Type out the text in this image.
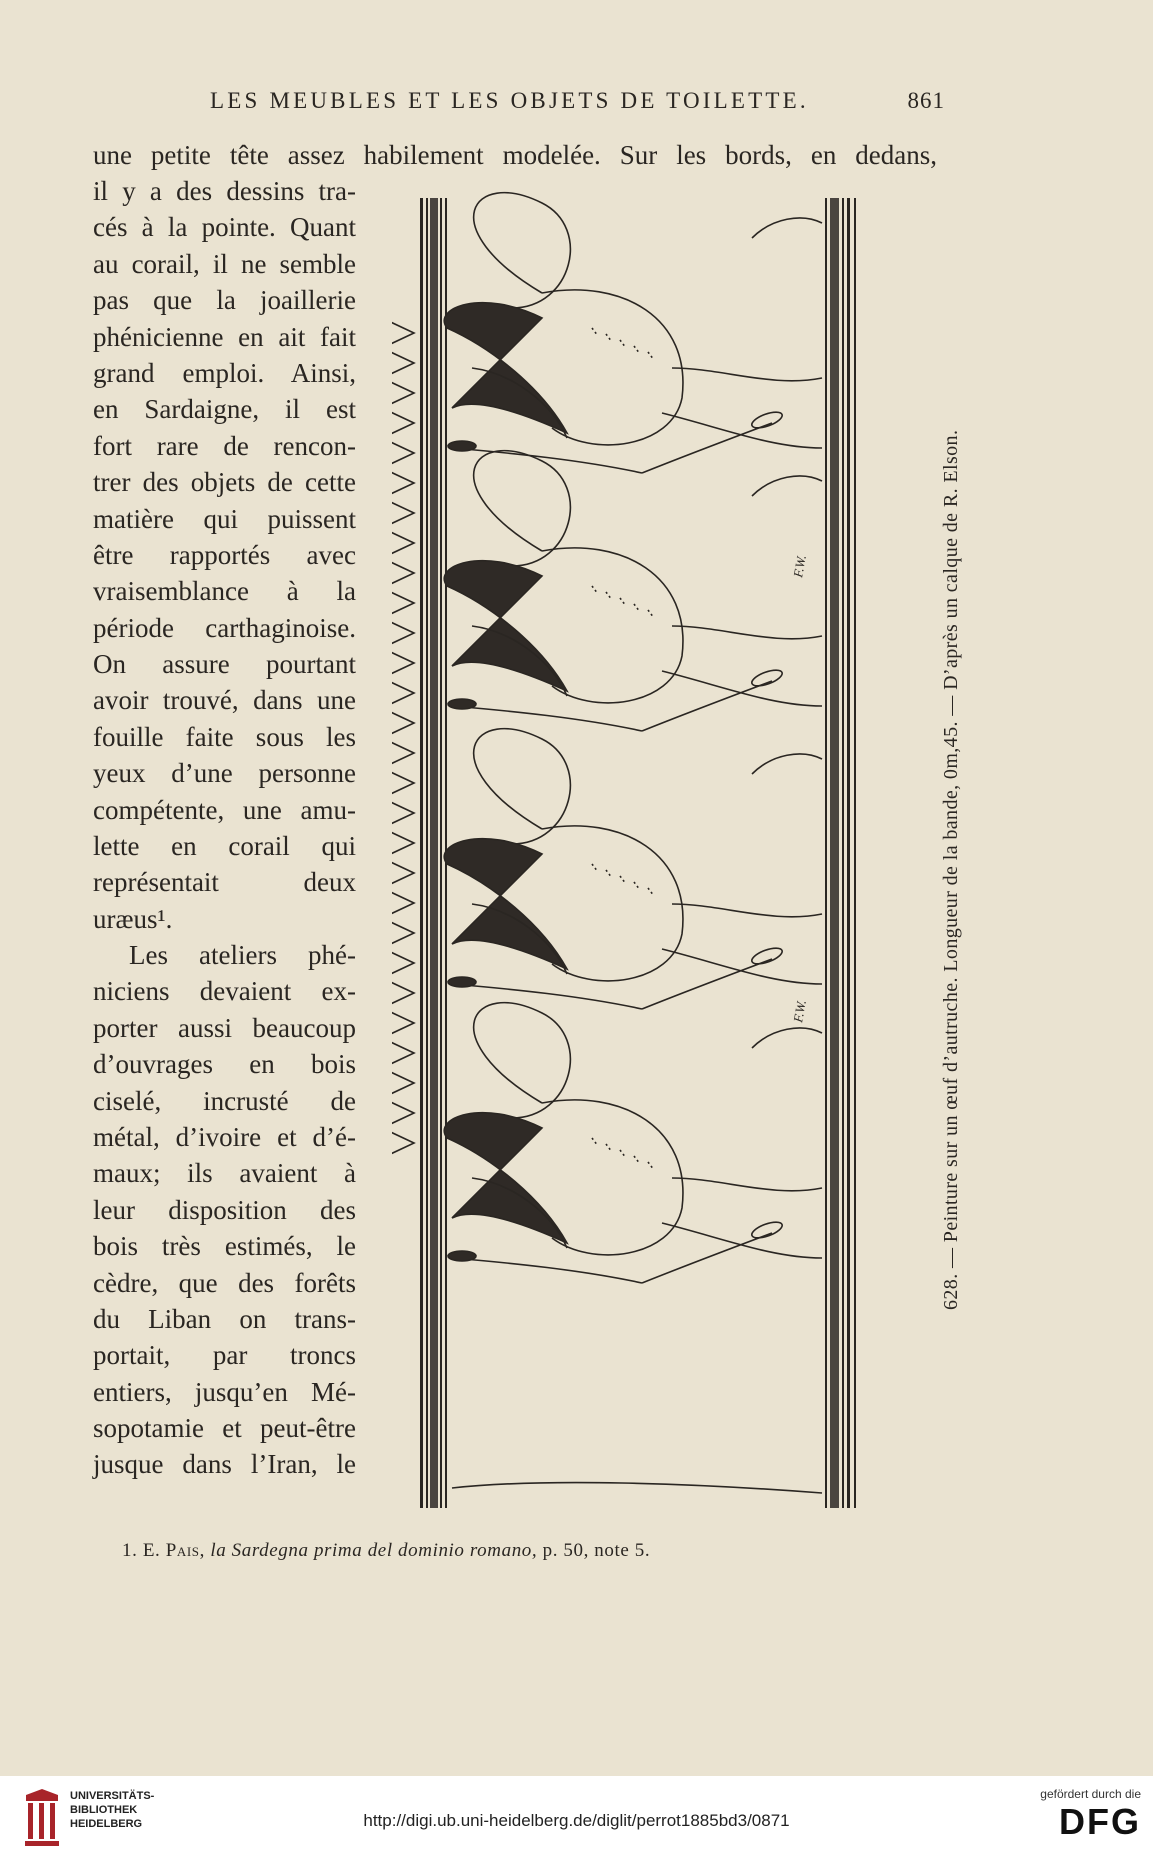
LES MEUBLES ET LES OBJETS DE TOILETTE.	861
une petite tête assez habilement modelée. Sur les bords, en dedans,
il y a des dessins tra-
cés à la pointe. Quant
au corail, il ne semble
pas que la joaillerie
phénicienne en ait fait
grand emploi. Ainsi,
en Sardaigne, il est
fort rare de rencon-
trer des objets de cette
matière qui puissent
être rapportés avec
vraisemblance à la
période carthaginoise.
On assure pourtant
avoir trouvé, dans une
fouille faite sous les
yeux d’une personne
compétente, une amu-
lette en corail qui
représentait deux
uræus¹.
Les ateliers phé-
niciens devaient ex-
porter aussi beaucoup
d’ouvrages en bois
ciselé, incrusté de
métal, d’ivoire et d’é-
maux; ils avaient à
leur disposition des
bois très estimés, le
cèdre, que des forêts
du Liban on trans-
portait, par troncs
entiers, jusqu’en Mé-
sopotamie et peut-être
jusque dans l’Iran, le
F.W.
F.W.	628. — Peinture sur un œuf d’autruche. Longueur de la bande, 0m,45. — D’après un calque de R. Elson.
1. E. Pais, la Sardegna prima del dominio romano, p. 50, note 5.
UNIVERSITÄTS-
BIBLIOTHEK
HEIDELBERG	http://digi.ub.uni-heidelberg.de/diglit/perrot1885bd3/0871
gefördert durch die
DFG
